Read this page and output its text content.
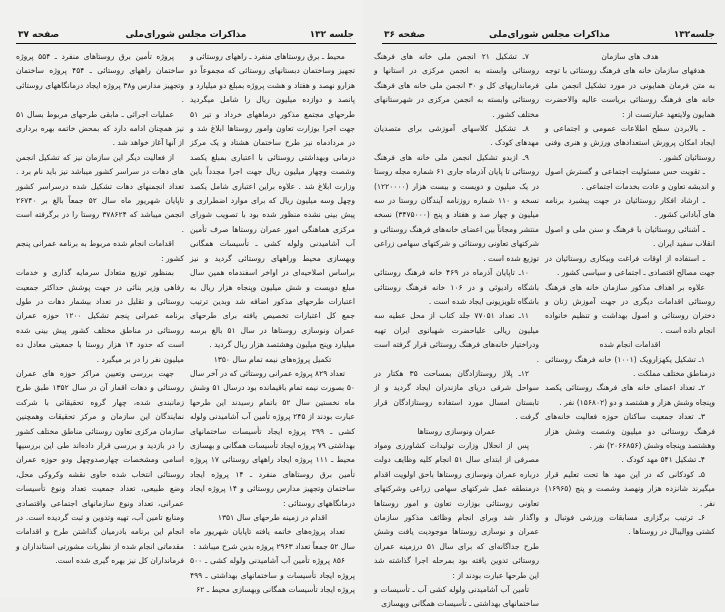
جلسه ۱۳۲
مذاکرات مجلس شورای‌ملی
صفحه ۳۷

محیط ـ برق روستاهای منفرد ـ راههای روستائی و تجهیز وساختمان دبستانهای روستائی که مجموعاً دو هزارو نهصد و هفتاد و هشت پروژه بمبلغ دو میلیارد و پانصد و دوازده میلیون ریال را شامل میگردید طرحهای مجتمع مذکور درماههای خرداد و تیر ۵۱ جهت اجرا بوزارت تعاون وامور روستاها ابلاغ شد و در مردادماه نیز طرح ساختمان هشتاد و یک مرکز درمانی وبهداشتی روستائی با اعتباری بمبلغ یکصد وشصت وچهار میلیون ریال جهت اجرا مجدداً باین وزارت ابلاغ شد . علاوه براین اعتباری شامل یکصد وچهل وسه میلیون ریال که برای موارد اضطراری و پیش بینی نشده منظور شده بود با تصویب شورای مرکزی هماهنگی امور عمران روستاها صرف تأمین آب آشامیدنی ولوله کشی ـ تأسیسات همگانی وبهسازی محیط وراههای روستائی گردید و نیز براساس اصلاحیه‌ای در اواخر اسفندماه همین سال مبلغ دویست و شش میلیون وپنجاه هزار ریال به اعتبارات طرحهای مذکور اضافه شد وبدین ترتیب جمع کل اعتبارات تخصیص یافته برای طرحهای عمران ونوسازی روستاها در سال ۵۱ بالغ برسه میلیارد وپنج میلیون وهشتصد هزار ریال گردید .

تکمیل پروژه‌های نیمه تمام سال ۱۳۵۰

تعداد ۸۲۹ پروژه عمرانی روستائی که در آخر سال ۵۰ بصورت نیمه تمام باقیمانده بود درسال ۵۱ وشش ماه نخستین سال ۵۲ باتمام رسیدند این طرحها عبارت بودند از ۲۴۵ پروژه تأمین آب آشامیدنی ولوله کشی ـ ۲۹۹ پروژه ایجاد تأسیسات ساختمانهای بهداشتی ۷۹ پروژه ایجاد تأسیسات همگانی و بهسازی محیط ـ ۱۱۱ پروژه ایجاد راههای روستائی ۱۷ پروژه تأمین برق روستاهای منفرد ـ ۱۴ پروژه ایجاد ساختمان وتجهیز مدارس روستائی و ۱۴ پروژه ایجاد درمانگاههای روستائی :

اقدام در زمینه طرحهای سال ۱۳۵۱

تعداد پروژه‌های خاتمه یافته تاپایان شهریور ماه سال ۵۲ جمعاً تعداد ۲۹۶۳ پروژه بدین شرح میباشد :

۸۵۶ پروژه تأمین آب آشامیدنی ولوله کشی ـ ۵۰۰ پروژه ایجاد تأسیسات و ساختمانهای بهداشتی ـ ۴۹۹ پروژه ایجاد تأسیسات همگانی وبهسازی محیط ـ ۶۲

پروژه تأمین برق روستاهای منفرد ـ ۵۵۴ پروژه ساختمان راههای روستائی ـ ۴۵۴ پروژه ساختمان وتجهیز مدارس و۳۸ پروژه ایجاد درمانگاههای روستائی .

عملیات اجرائی ـ مابقی طرحهای مربوط بسال ۵۱ نیز همچنان ادامه دارد که بمحض خاتمه بهره برداری از آنها آغاز خواهد شد .

از فعالیت دیگر این سازمان نیز که تشکیل انجمن های دهات در سراسر کشور میباشد نیز باید نام برد . تعداد انجمنهای دهات تشکیل شده درسراسر کشور تاپایان شهریور ماه سال ۵۲ جمعاً بالغ بر ۲۶۷۴۰ انجمن میباشد که ۳۷۸۶۲۴ روستا را در برگرفته است .

اقدامات انجام شده مربوط به برنامه عمرانی پنجم کشور :

بمنظور توزیع متعادل سرمایه گذاری و خدمات رفاهی وزیر بنائی در جهت پوشش حداکثر جمعیت روستائی و تقلیل در تعداد بیشمار دهات در طول برنامه عمرانی پنجم تشکیل ۱۲۰۰ حوزه عمران روستائی در مناطق مختلف کشور پیش بینی شده است که حدود ۱۴ هزار روستا با جمعیتی معادل ده میلیون نفر را در بر میگیرد .

جهت بررسی وتعیین مراکز حوزه های عمران روستائی و دهات اقمار آن در سال ۱۳۵۲ طبق طرح زمانبندی شده، چهار گروه تحقیقاتی با شرکت نمایندگان این سازمان و مرکز تحقیقات وهمچنین سازمان مرکزی تعاون روستائی مناطق مختلف کشور را در بازدید و بررسی قرار داده‌اند طی این بررسیها اسامی ومشخصات چهارصدوچهل ودو حوزه عمران روستائی انتخاب شده حاوی نقشه وکروکی محل، وضع طبیعی، تعداد جمعیت تعداد ونوع تأسیسات عمرانی، تعداد ونوع سازمانهای اجتماعی واقتصادی ومنابع تامین آب، تهیه وتدوین و ثبت گردیده است. در انجام این برنامه بادرمیان گذاشتن طرح و اقدامات مقدماتی انجام شده از نظریات مشورتی استانداران و فرمانداران کل نیز بهره گیری شده است.

جلسه۱۳۲
مذاکرات مجلس شورای‌ملی
صفحه ۳۶

هدف های سازمان

هدفهای سازمان خانه های فرهنگ روستائی با توجه به متن فرمان همایونی در مورد تشکیل انجمن ملی خانه های فرهنگ روستائی بریاست عالیه والاحضرت همایون ولایتعهد عبارتست از :

ـ بالابردن سطح اطلاعات عمومی و اجتماعی و ایجاد امکان پرورش استعدادهای ورزش و هنری وفنی روستائیان کشور .

ـ تقویت حس مسئولیت اجتماعی و گسترش اصول و اندیشه تعاون و عادت بخدمات اجتماعی .

ـ ارشاد افکار روستائیان در جهت پیشبرد برنامه های آبادانی کشور .

ـ آشنائی روستائیان با فرهنگ و سنن ملی و اصول انقلاب سفید ایران .

ـ استفاده از اوقات فراغت وبیکاری روستائیان در جهت مصالح اقتصادی ـ اجتماعی و سیاسی کشور .

علاوه بر اهداف مذکور سازمان خانه های فرهنگ روستائی اقدامات دیگری در جهت آموزش زنان و دختران روستائی و اصول بهداشت و تنظیم خانواده انجام داده است .

اقدامات انجام شده

۱ـ تشکیل یکهزارویک (۱۰۰۱) خانه فرهنگ روستائی درمناطق مختلف مملکت .

۲ـ تعداد اعضای خانه های فرهنگ روستائی یکصد وپنجاه وشش هزار و هشتصد و دو (۱۵۶۸۰۲) نفر .

۳ـ تعداد جمعیت ساکنان حوزه فعالیت خانه‌های فرهنگ روستائی دو میلیون وشصت وشش هزار وهشتصد وپنجاه وشش (۲۰۶۶۸۵۶) نفر .

۴ـ تشکیل ۵۴۱ مهد کودک .

۵ـ کودکانی که در این مهد ها تحت تعلیم قرار میگیرند شانزده هزار ونهصد وشصت و پنج (۱۶۹۶۵) نفر .

۶ـ ترتیب برگزاری مسابقات ورزشی فوتبال و کشتی ووالیبال در روستاها .

۷ـ تشکیل ۲۱ انجمن ملی خانه های فرهنگ روستائی وابسته به انجمن مرکزی در استانها و فرمانداریهای کل و ۳۰ انجمن ملی خانه های فرهنگ روستائی وابسته به انجمن مرکزی در شهرستانهای مختلف کشور .

۸ـ تشکیل کلاسهای آموزشی برای متصدیان مهدهای کودک .

۹ـ ازبدو تشکیل انجمن ملی خانه های فرهنگ روستائی تا پایان آذرماه جاری ۶۱ شماره مجله روستا در یک میلیون و دویست و بیست هزار (۱۲۲۰۰۰۰) نسخه و ۱۱۰ شماره روزنامه آیندگان روستا در سه میلیون و چهار صد و هفتاد و پنج (۳۴۷۵۰۰۰) نسخه منتشر ومجاناً بین اعضای خانه‌های فرهنگ روستائی و شرکتهای تعاونی روستائی و شرکتهای سهامی زراعی توزیع شده است .

۱۰ـ تاپایان آذرماه در ۴۶۹ خانه فرهنگ روستائی باشگاه رادیوئی و در ۱۰۶ خانه فرهنگ روستائی باشگاه تلویزیونی ایجاد شده است .

۱۱ـ تعداد ۷۷۰۵۱ جلد کتاب از محل عطیه سه میلیون ریالی علیاحضرت شهبانوی ایران تهیه ودراختیار خانه‌های فرهنگ روستائی قرار گرفته است .

۱۲ـ پلاژ روستازادگان بمساحت ۳۵ هکتار در سواحل شرقی دریای مازندران ایجاد گردید و از تابستان امسال مورد استفاده روستازادگان قرار گرفت .

عمران ونوسازی روستاها

پس از انحلال وزارت تولیدات کشاورزی ومواد مصرفی از ابتدای سال ۵۱ انجام کلیه وظایف دولت درباره عمران ونوسازی روستاها باحق اولویت اقدام درمنطقه عمل شرکتهای سهامی زراعی وشرکتهای تعاونی روستائی بوزارت تعاون و امور روستاها واگذار شد وبرای انجام وظائف مذکور سازمان عمران و نوسازی روستاها موجودیت یافت وشش طرح جداگانه‌ای که برای سال ۵۱ درزمینه عمران روستائی تدوین یافته بود بمرحله اجرا گذاشته شد این طرحها عبارت بودند از :

تأمین آب آشامیدنی ولوله کشی آب ـ تأسیسات و ساختمانهای بهداشتی ـ تأسیسات همگانی وبهسازی
